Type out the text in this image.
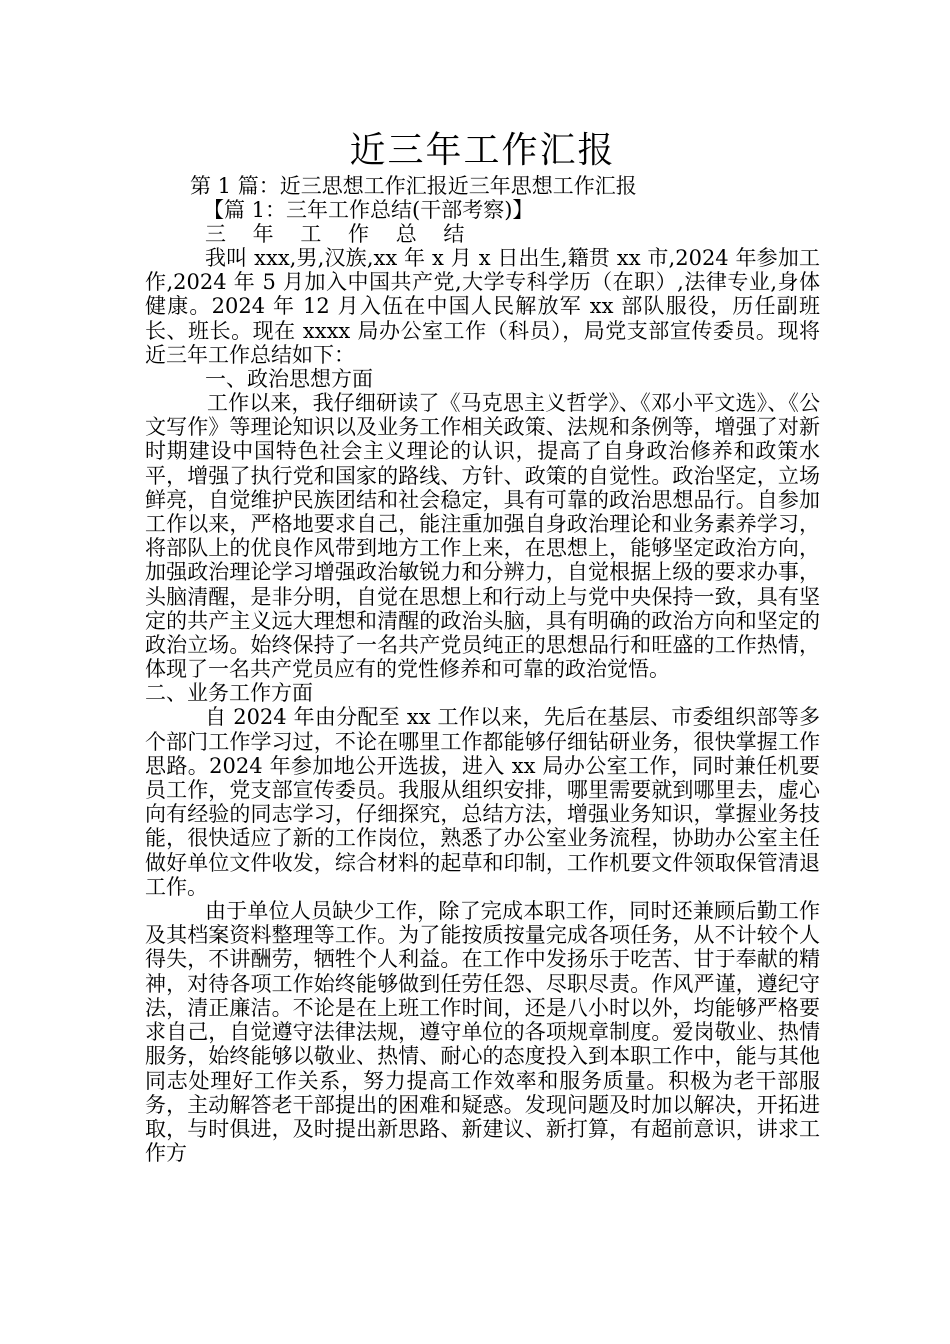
近三年工作汇报

第 1 篇：近三思想工作汇报近三年思想工作汇报

【篇 1：三年工作总结(干部考察)】

三 年 工 作 总 结

我叫 xxx,男,汉族,xx 年 x 月 x 日出生,籍贯 xx 市,2024 年参加工作,2024 年 5 月加入中国共产党,大学专科学历（在职）,法律专业,身体健康。2024 年 12 月入伍在中国人民解放军 xx 部队服役，历任副班长、班长。现在 xxxx 局办公室工作（科员），局党支部宣传委员。现将近三年工作总结如下：

一、政治思想方面

工作以来，我仔细研读了《马克思主义哲学》、《邓小平文选》、《公文写作》等理论知识以及业务工作相关政策、法规和条例等，增强了对新时期建设中国特色社会主义理论的认识，提高了自身政治修养和政策水平，增强了执行党和国家的路线、方针、政策的自觉性。政治坚定，立场鲜亮，自觉维护民族团结和社会稳定，具有可靠的政治思想品行。自参加工作以来，严格地要求自己，能注重加强自身政治理论和业务素养学习，将部队上的优良作风带到地方工作上来，在思想上，能够坚定政治方向，加强政治理论学习增强政治敏锐力和分辨力，自觉根据上级的要求办事，头脑清醒，是非分明，自觉在思想上和行动上与党中央保持一致，具有坚定的共产主义远大理想和清醒的政治头脑，具有明确的政治方向和坚定的政治立场。始终保持了一名共产党员纯正的思想品行和旺盛的工作热情，体现了一名共产党员应有的党性修养和可靠的政治觉悟。

二、业务工作方面

自 2024 年由分配至 xx 工作以来，先后在基层、市委组织部等多个部门工作学习过，不论在哪里工作都能够仔细钻研业务，很快掌握工作思路。2024 年参加地公开选拔，进入 xx 局办公室工作，同时兼任机要员工作，党支部宣传委员。我服从组织安排，哪里需要就到哪里去，虚心向有经验的同志学习，仔细探究，总结方法，增强业务知识，掌握业务技能，很快适应了新的工作岗位，熟悉了办公室业务流程，协助办公室主任做好单位文件收发，综合材料的起草和印制，工作机要文件领取保管清退工作。

由于单位人员缺少工作，除了完成本职工作，同时还兼顾后勤工作及其档案资料整理等工作。为了能按质按量完成各项任务，从不计较个人得失，不讲酬劳，牺牲个人利益。在工作中发扬乐于吃苦、甘于奉献的精神，对待各项工作始终能够做到任劳任怨、尽职尽责。作风严谨，遵纪守法，清正廉洁。不论是在上班工作时间，还是八小时以外，均能够严格要求自己，自觉遵守法律法规，遵守单位的各项规章制度。爱岗敬业、热情服务，始终能够以敬业、热情、耐心的态度投入到本职工作中，能与其他同志处理好工作关系，努力提高工作效率和服务质量。积极为老干部服务，主动解答老干部提出的困难和疑惑。发现问题及时加以解决，开拓进取，与时俱进，及时提出新思路、新建议、新打算，有超前意识，讲求工作方
